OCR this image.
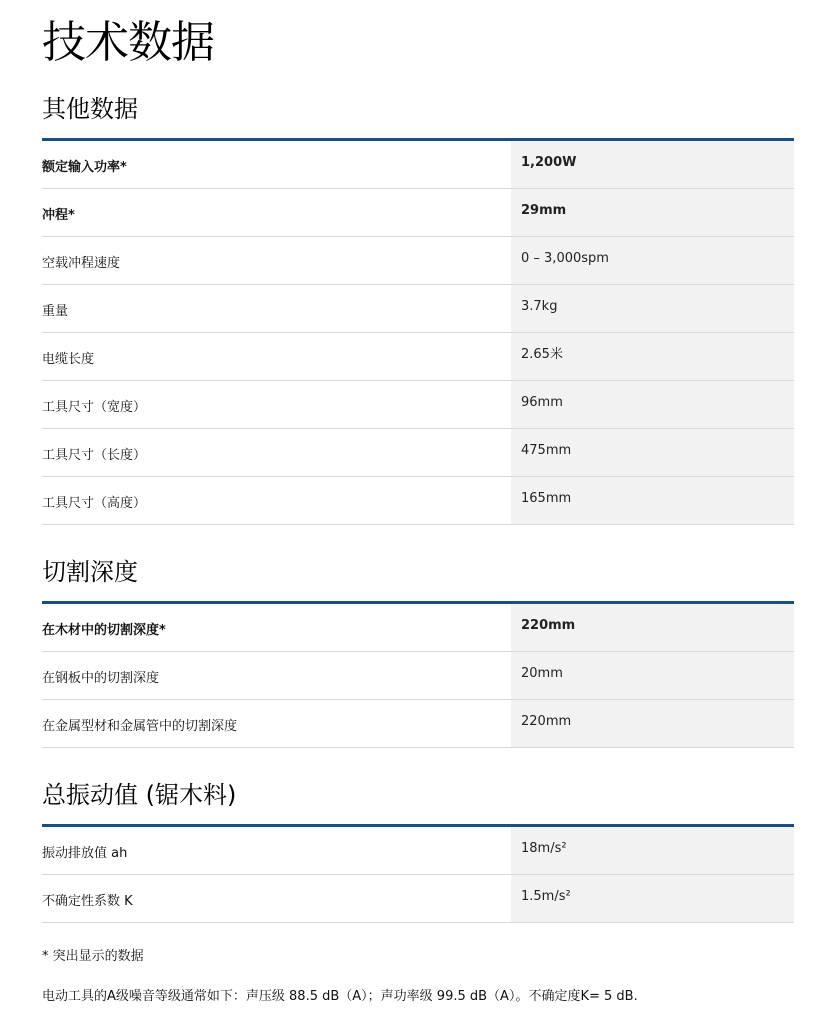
技术数据
其他数据
额定输入功率*	1,200W
冲程*	29mm
空载冲程速度	0 – 3,000spm
重量	3.7kg
电缆长度	2.65米
工具尺寸（宽度）	96mm
工具尺寸（长度）	475mm
工具尺寸（高度）	165mm
切割深度
在木材中的切割深度*	220mm
在钢板中的切割深度	20mm
在金属型材和金属管中的切割深度	220mm
总振动值 (锯木料)
振动排放值 ah	18m/s²
不确定性系数 K	1.5m/s²
* 突出显示的数据
电动工具的A级噪音等级通常如下：声压级 88.5 dB（A）；声功率级 99.5 dB（A）。不确定度K= 5 dB.
